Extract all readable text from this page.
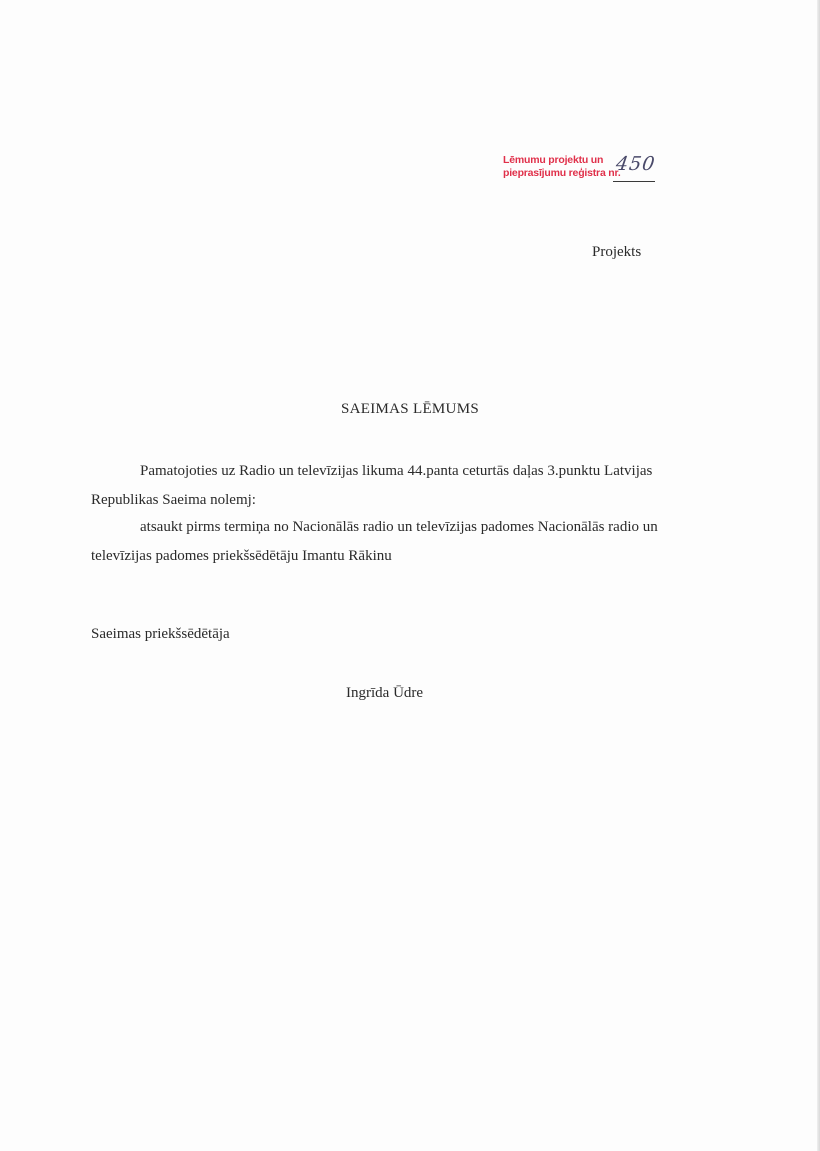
Lēmumu projektu un
pieprasījumu reģistra nr.
450
Projekts
SAEIMAS LĒMUMS
Pamatojoties uz Radio un televīzijas likuma 44.panta ceturtās daļas 3.punktu Latvijas
Republikas Saeima nolemj:
atsaukt pirms termiņa no Nacionālās radio un televīzijas padomes Nacionālās radio un
televīzijas padomes priekšsēdētāju Imantu Rākinu
Saeimas priekšsēdētāja
Ingrīda Ūdre
